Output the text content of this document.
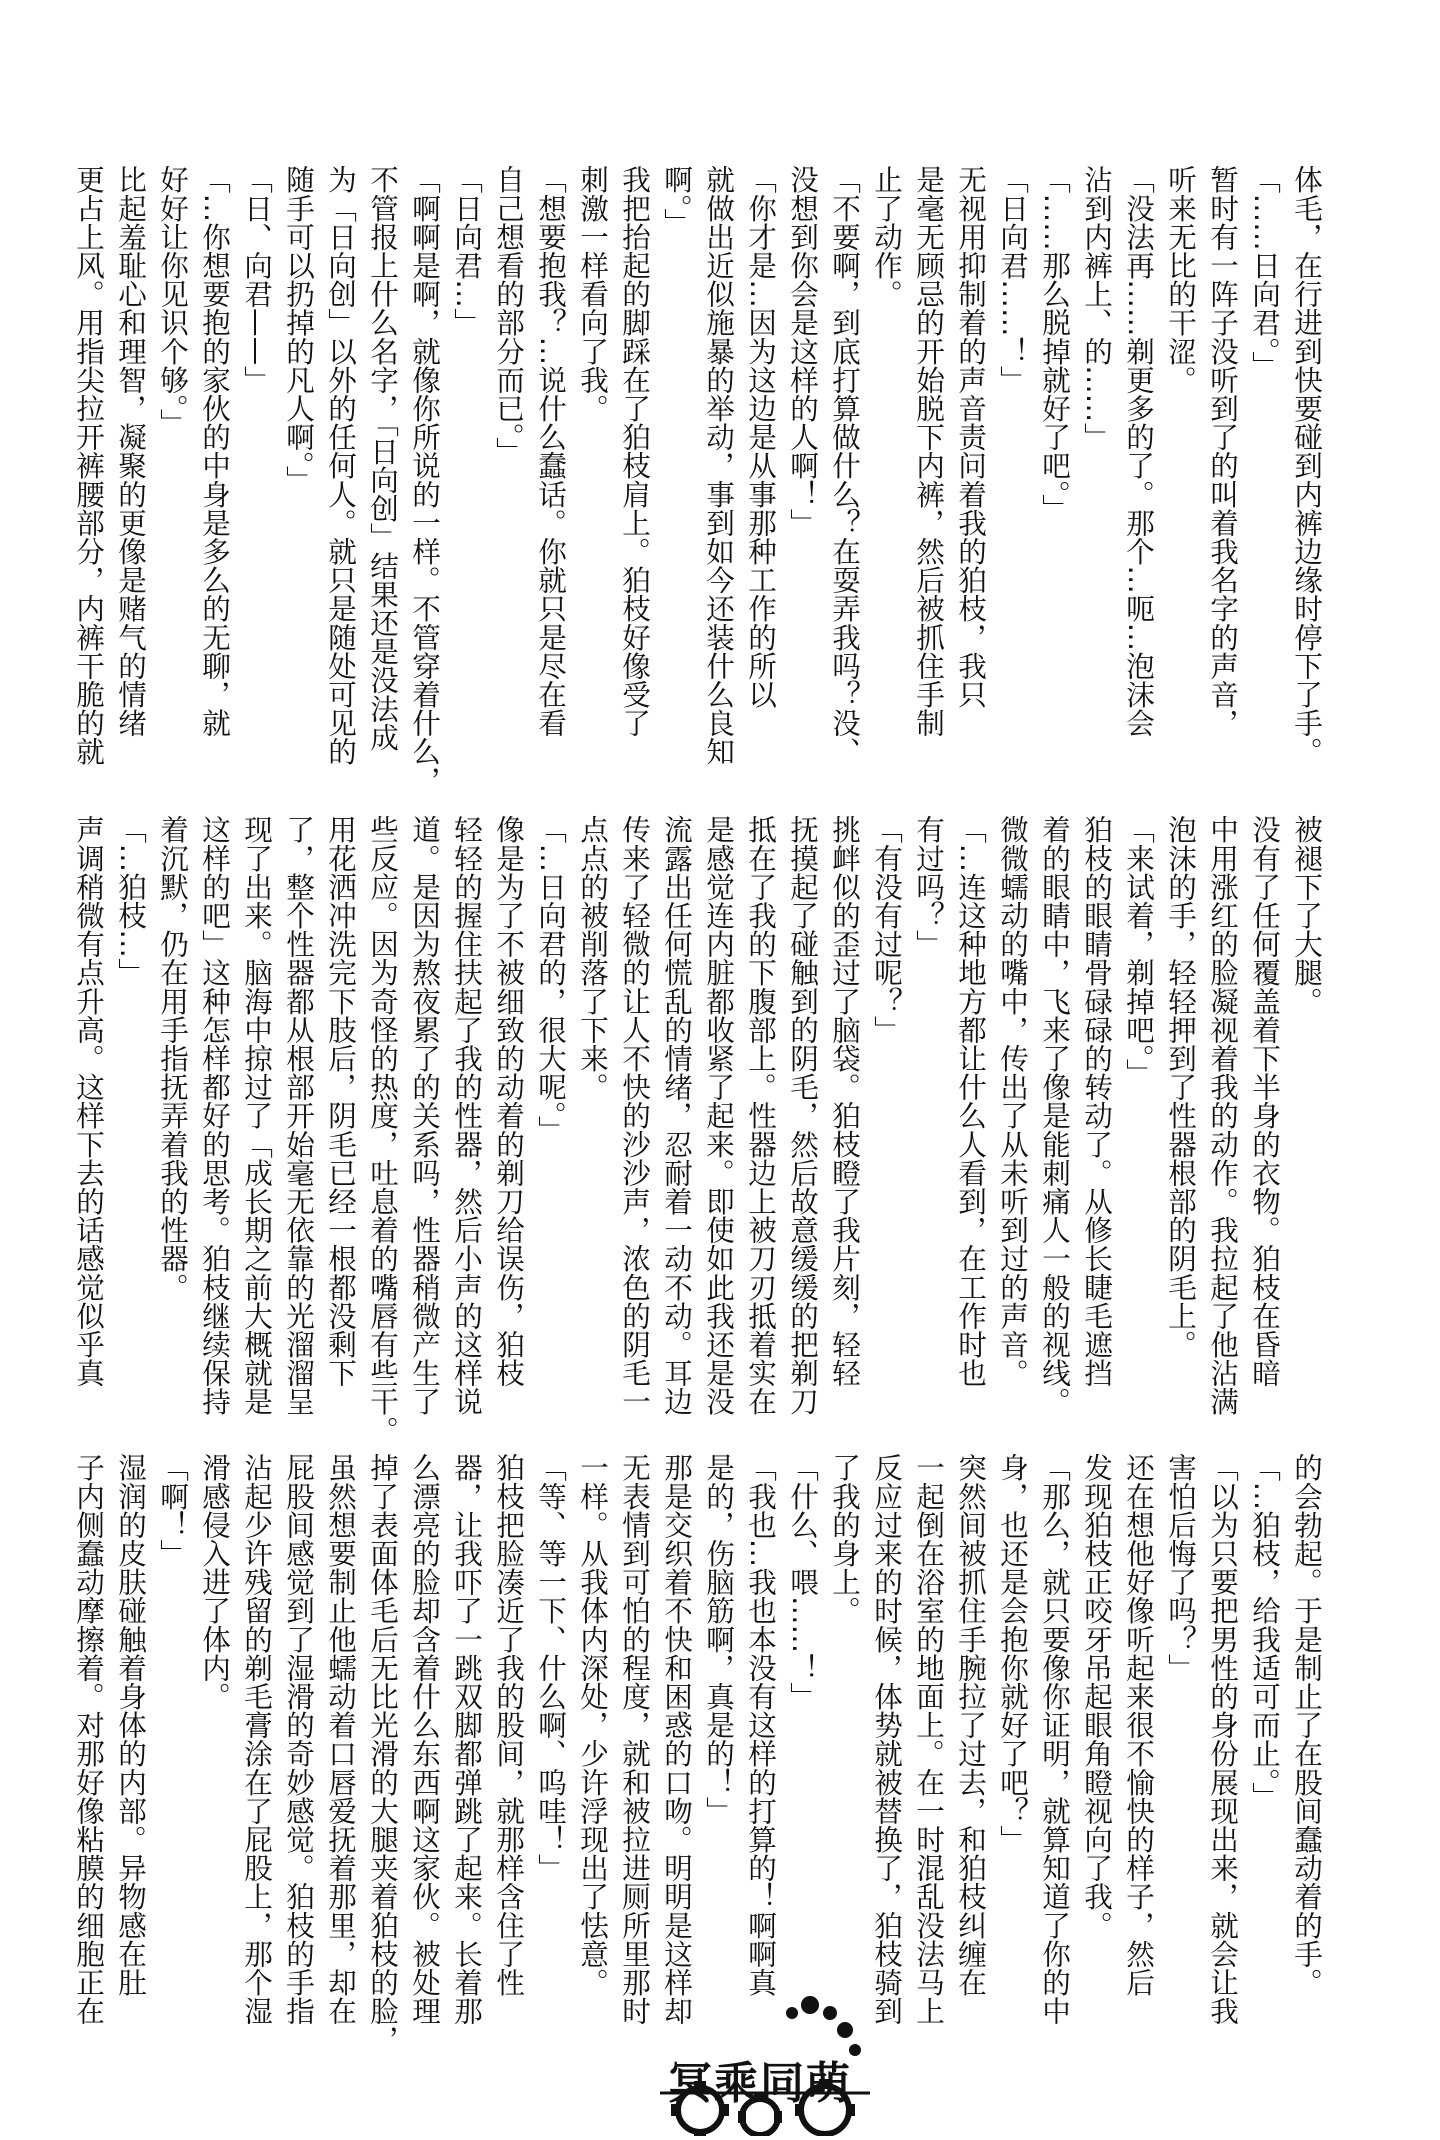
体毛，在行进到快要碰到内裤边缘时停下了手。
「……日向君。」
暂时有一阵子没听到了的叫着我名字的声音，
听来无比的干涩。
「没法再……剃更多的了。那个…呃…泡沫会
沾到内裤上、的……」
「……那么脱掉就好了吧。」
「日向君……！」
无视用抑制着的声音责问着我的狛枝，我只
是毫无顾忌的开始脱下内裤，然后被抓住手制
止了动作。
「不要啊，到底打算做什么？在耍弄我吗？没、
没想到你会是这样的人啊！」
「你才是…因为这边是从事那种工作的所以
就做出近似施暴的举动，事到如今还装什么良知
啊。」
我把抬起的脚踩在了狛枝肩上。狛枝好像受了
刺激一样看向了我。
「想要抱我？…说什么蠢话。你就只是尽在看
自己想看的部分而已。」
「日向君…」
「啊啊是啊，就像你所说的一样。不管穿着什么，
不管报上什么名字，「日向创」结果还是没法成
为「日向创」以外的任何人。就只是随处可见的
随手可以扔掉的凡人啊。」
「日、向君——」
「…你想要抱的家伙的中身是多么的无聊，就
好好让你见识个够。」
比起羞耻心和理智，凝聚的更像是赌气的情绪
更占上风。用指尖拉开裤腰部分，内裤干脆的就
被褪下了大腿。
没有了任何覆盖着下半身的衣物。狛枝在昏暗
中用涨红的脸凝视着我的动作。我拉起了他沾满
泡沫的手，轻轻押到了性器根部的阴毛上。
「来试着，剃掉吧。」
狛枝的眼睛骨碌碌的转动了。从修长睫毛遮挡
着的眼睛中，飞来了像是能刺痛人一般的视线。
微微蠕动的嘴中，传出了从未听到过的声音。
「…连这种地方都让什么人看到，在工作时也
有过吗？」
「有没有过呢？」
挑衅似的歪过了脑袋。狛枝瞪了我片刻，轻轻
抚摸起了碰触到的阴毛，然后故意缓缓的把剃刀
抵在了我的下腹部上。性器边上被刀刃抵着实在
是感觉连内脏都收紧了起来。即使如此我还是没
流露出任何慌乱的情绪，忍耐着一动不动。耳边
传来了轻微的让人不快的沙沙声，浓色的阴毛一
点点的被削落了下来。
「…日向君的，很大呢。」
像是为了不被细致的动着的剃刀给误伤，狛枝
轻轻的握住扶起了我的性器，然后小声的这样说
道。是因为熬夜累了的关系吗，性器稍微产生了
些反应。因为奇怪的热度，吐息着的嘴唇有些干。
用花洒冲洗完下肢后，阴毛已经一根都没剩下
了，整个性器都从根部开始毫无依靠的光溜溜呈
现了出来。脑海中掠过了「成长期之前大概就是
这样的吧」这种怎样都好的思考。狛枝继续保持
着沉默，仍在用手指抚弄着我的性器。
「…狛枝…」
声调稍微有点升高。这样下去的话感觉似乎真
的会勃起。于是制止了在股间蠢动着的手。
「…狛枝，给我适可而止。」
「以为只要把男性的身份展现出来，就会让我
害怕后悔了吗？」
还在想他好像听起来很不愉快的样子，然后
发现狛枝正咬牙吊起眼角瞪视向了我。
「那么，就只要像你证明，就算知道了你的中
身，也还是会抱你就好了吧？」
突然间被抓住手腕拉了过去，和狛枝纠缠在
一起倒在浴室的地面上。在一时混乱没法马上
反应过来的时候，体势就被替换了，狛枝骑到
了我的身上。
「什么、喂……！」
「我也…我也本没有这样的打算的！啊啊真
是的，伤脑筋啊，真是的！」
那是交织着不快和困惑的口吻。明明是这样却
无表情到可怕的程度，就和被拉进厕所里那时
一样。从我体内深处，少许浮现出了怯意。
「等、等一下、什么啊、呜哇！」
狛枝把脸凑近了我的股间，就那样含住了性
器，让我吓了一跳双脚都弹跳了起来。长着那
么漂亮的脸却含着什么东西啊这家伙。被处理
掉了表面体毛后无比光滑的大腿夹着狛枝的脸，
虽然想要制止他蠕动着口唇爱抚着那里，却在
屁股间感觉到了湿滑的奇妙感觉。狛枝的手指
沾起少许残留的剃毛膏涂在了屁股上，那个湿
滑感侵入进了体内。
「啊！」
湿润的皮肤碰触着身体的内部。异物感在肚
子内侧蠢动摩擦着。对那好像粘膜的细胞正在
冥乘同萌
